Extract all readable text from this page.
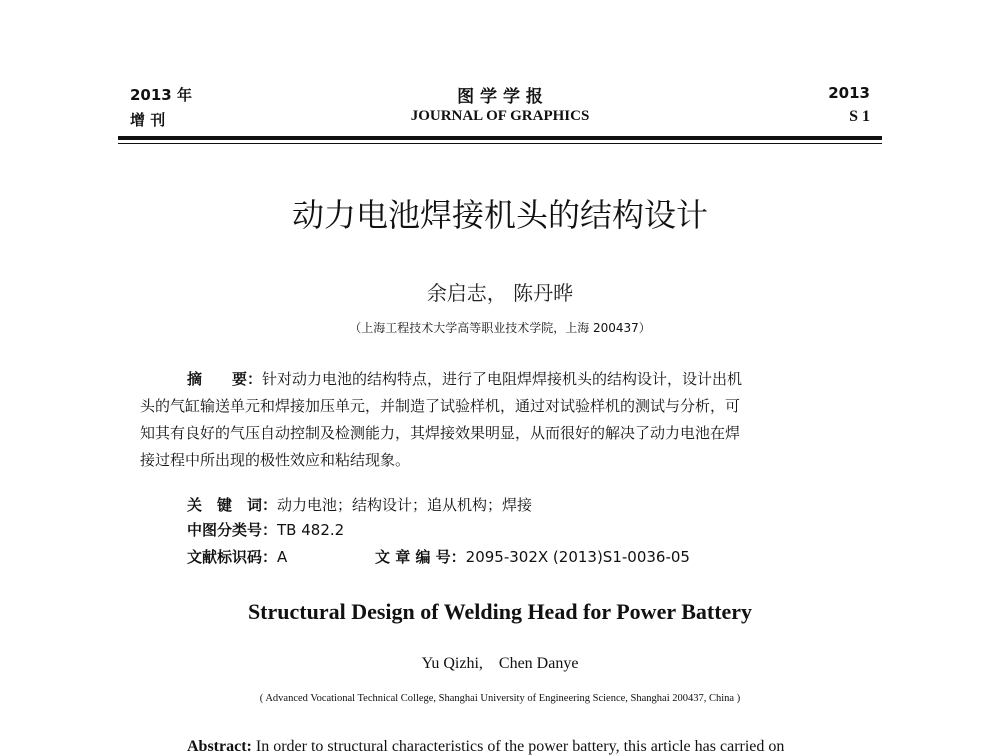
2013 年
增 刊
图 学 学 报
JOURNAL OF GRAPHICS
2013
S 1
动力电池焊接机头的结构设计
余启志， 陈丹晔
（上海工程技术大学高等职业技术学院，上海 200437）
摘　　要：针对动力电池的结构特点，进行了电阻焊焊接机头的结构设计，设计出机
头的气缸输送单元和焊接加压单元，并制造了试验样机，通过对试验样机的测试与分析，可
知其有良好的气压自动控制及检测能力，其焊接效果明显，从而很好的解决了动力电池在焊
接过程中所出现的极性效应和粘结现象。
关　键　词：动力电池；结构设计；追从机构；焊接
中图分类号：TB 482.2
文献标识码：A	文 章 编 号：2095-302X (2013)S1-0036-05
Structural Design of Welding Head for Power Battery
Yu Qizhi,    Chen Danye
( Advanced Vocational Technical College, Shanghai University of Engineering Science, Shanghai 200437, China )
Abstract: In order to structural characteristics of the power battery, this article has carried on
